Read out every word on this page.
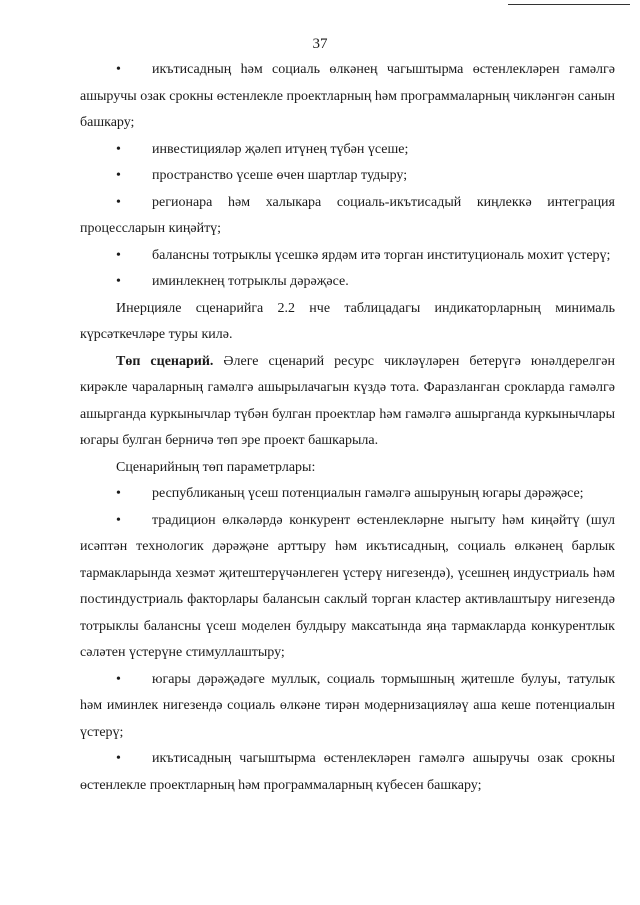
37

• икътисадның һәм социаль өлкәнең чагыштырма өстенлекләрен гамәлгә ашыручы озак срокны өстенлекле проектларның һәм программаларның чикләнгән санын башкару;

• инвестицияләр җәлеп итүнең түбән үсеше;

• пространство үсеше өчен шартлар тудыру;

• регионара һәм халыкара социаль-икътисадый киңлеккә интеграция процессларын киңәйтү;

• балансны тотрыклы үсешкә ярдәм итә торган институциональ мохит үстерү;

• иминлекнең тотрыклы дәрәҗәсе.

Инерцияле сценарийга 2.2 нче таблицадагы индикаторларның минималь күрсәткечләре туры килә.

Төп сценарий. Әлеге сценарий ресурс чикләүләрен бетерүгә юнәлдерелгән кирәкле чараларның гамәлгә ашырылачагын күздә тота. Фаразланган срокларда гамәлгә ашырганда куркынычлар түбән булган проектлар һәм гамәлгә ашырганда куркынычлары югары булган берничә төп эре проект башкарыла.

Сценарийның төп параметрлары:

• республиканың үсеш потенциалын гамәлгә ашыруның югары дәрәҗәсе;

• традицион өлкәләрдә конкурент өстенлекләрне ныгыту һәм киңәйтү (шул исәптән технологик дәрәҗәне арттыру һәм икътисадның, социаль өлкәнең барлык тармакларында хезмәт җитештерүчәнлеген үстерү нигезендә), үсешнең индустриаль һәм постиндустриаль факторлары балансын саклый торган кластер активлаштыру нигезендә тотрыклы балансны үсеш моделен булдыру максатында яңа тармакларда конкурентлык сәләтен үстерүне стимуллаштыру;

• югары дәрәҗәдәге муллык, социаль тормышның җитешле булуы, татулык һәм иминлек нигезендә социаль өлкәне тирән модернизацияләү аша кеше потенциалын үстерү;

• икътисадның чагыштырма өстенлекләрен гамәлгә ашыручы озак срокны өстенлекле проектларның һәм программаларның күбесен башкару;
